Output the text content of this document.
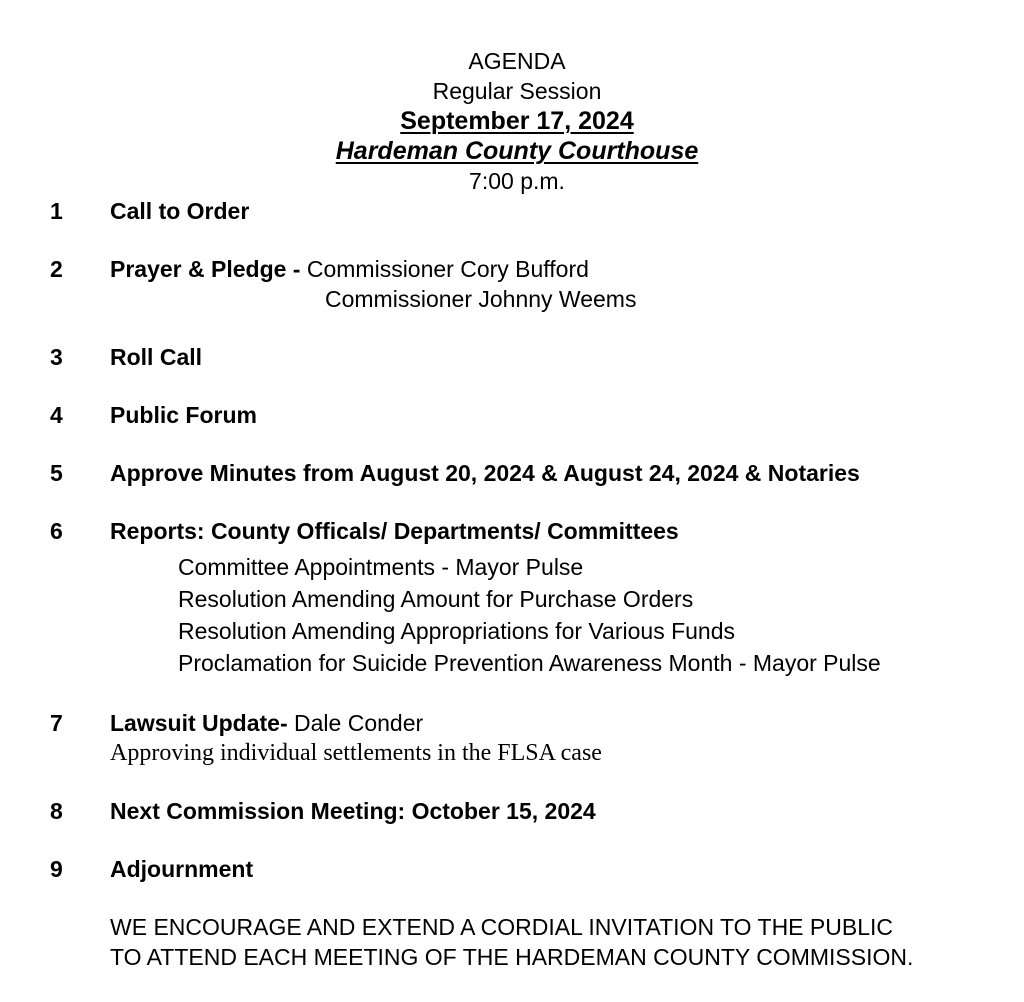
AGENDA
Regular Session
September 17, 2024
Hardeman County Courthouse
7:00 p.m.
1	Call to Order
2	Prayer & Pledge - Commissioner Cory Bufford
Commissioner Johnny Weems
3	Roll Call
4	Public Forum
5	Approve Minutes from August 20, 2024 & August 24, 2024 & Notaries
6	Reports: County Officals/ Departments/ Committees
Committee Appointments - Mayor Pulse
Resolution Amending Amount for Purchase Orders
Resolution Amending Appropriations for Various Funds
Proclamation for Suicide Prevention Awareness Month - Mayor Pulse
7	Lawsuit Update- Dale Conder
Approving individual settlements in the FLSA case
8	Next Commission Meeting: October 15, 2024
9	Adjournment
WE ENCOURAGE AND EXTEND A CORDIAL INVITATION TO THE PUBLIC
TO ATTEND EACH MEETING OF THE HARDEMAN COUNTY COMMISSION.
